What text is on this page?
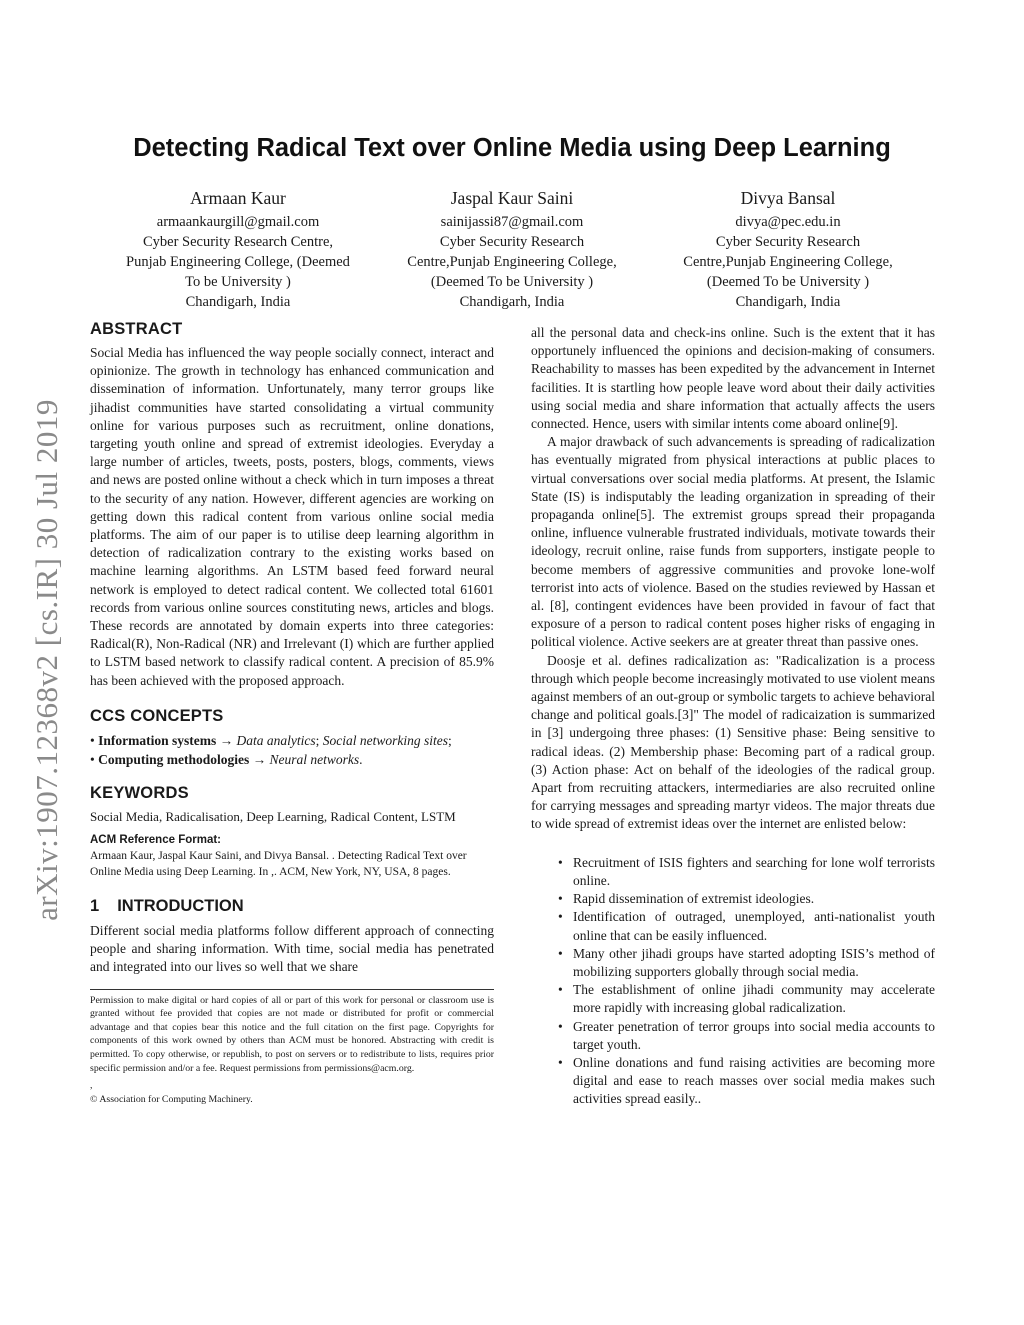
arXiv:1907.12368v2 [cs.IR] 30 Jul 2019
Detecting Radical Text over Online Media using Deep Learning
Armaan Kaur
armaankaurgill@gmail.com
Cyber Security Research Centre,
Punjab Engineering College, (Deemed
To be University )
Chandigarh, India
Jaspal Kaur Saini
sainijassi87@gmail.com
Cyber Security Research
Centre,Punjab Engineering College,
(Deemed To be University )
Chandigarh, India
Divya Bansal
divya@pec.edu.in
Cyber Security Research
Centre,Punjab Engineering College,
(Deemed To be University )
Chandigarh, India
ABSTRACT

Social Media has influenced the way people socially connect, interact and opinionize. The growth in technology has enhanced communication and dissemination of information. Unfortunately, many terror groups like jihadist communities have started consolidating a virtual community online for various purposes such as recruitment, online donations, targeting youth online and spread of extremist ideologies. Everyday a large number of articles, tweets, posts, posters, blogs, comments, views and news are posted online without a check which in turn imposes a threat to the security of any nation. However, different agencies are working on getting down this radical content from various online social media platforms. The aim of our paper is to utilise deep learning algorithm in detection of radicalization contrary to the existing works based on machine learning algorithms. An LSTM based feed forward neural network is employed to detect radical content. We collected total 61601 records from various online sources constituting news, articles and blogs. These records are annotated by domain experts into three categories: Radical(R), Non-Radical (NR) and Irrelevant (I) which are further applied to LSTM based network to classify radical content. A precision of 85.9% has been achieved with the proposed approach.

CCS CONCEPTS

• Information systems → Data analytics; Social networking sites;

• Computing methodologies → Neural networks.

KEYWORDS

Social Media, Radicalisation, Deep Learning, Radical Content, LSTM

ACM Reference Format:

Armaan Kaur, Jaspal Kaur Saini, and Divya Bansal. . Detecting Radical Text over Online Media using Deep Learning. In ,. ACM, New York, NY, USA, 8 pages.

1 INTRODUCTION

Different social media platforms follow different approach of connecting people and sharing information. With time, social media has penetrated and integrated into our lives so well that we share

Permission to make digital or hard copies of all or part of this work for personal or classroom use is granted without fee provided that copies are not made or distributed for profit or commercial advantage and that copies bear this notice and the full citation on the first page. Copyrights for components of this work owned by others than ACM must be honored. Abstracting with credit is permitted. To copy otherwise, or republish, to post on servers or to redistribute to lists, requires prior specific permission and/or a fee. Request permissions from permissions@acm.org.

,

© Association for Computing Machinery.

all the personal data and check-ins online. Such is the extent that it has opportunely influenced the opinions and decision-making of consumers. Reachability to masses has been expedited by the advancement in Internet facilities. It is startling how people leave word about their daily activities using social media and share information that actually affects the users connected. Hence, users with similar intents come aboard online[9].

A major drawback of such advancements is spreading of radicalization has eventually migrated from physical interactions at public places to virtual conversations over social media platforms. At present, the Islamic State (IS) is indisputably the leading organization in spreading of their propaganda online[5]. The extremist groups spread their propaganda online, influence vulnerable frustrated individuals, motivate towards their ideology, recruit online, raise funds from supporters, instigate people to become members of aggressive communities and provoke lone-wolf terrorist into acts of violence. Based on the studies reviewed by Hassan et al. [8], contingent evidences have been provided in favour of fact that exposure of a person to radical content poses higher risks of engaging in political violence. Active seekers are at greater threat than passive ones.

Doosje et al. defines radicalization as: "Radicalization is a process through which people become increasingly motivated to use violent means against members of an out-group or symbolic targets to achieve behavioral change and political goals.[3]" The model of radicaization is summarized in [3] undergoing three phases: (1) Sensitive phase: Being sensitive to radical ideas. (2) Membership phase: Becoming part of a radical group. (3) Action phase: Act on behalf of the ideologies of the radical group. Apart from recruiting attackers, intermediaries are also recruited online for carrying messages and spreading martyr videos. The major threats due to wide spread of extremist ideas over the internet are enlisted below:

• Recruitment of ISIS fighters and searching for lone wolf terrorists online.
• Rapid dissemination of extremist ideologies.
• Identification of outraged, unemployed, anti-nationalist youth online that can be easily influenced.
• Many other jihadi groups have started adopting ISIS’s method of mobilizing supporters globally through social media.
• The establishment of online jihadi community may accelerate more rapidly with increasing global radicalization.
• Greater penetration of terror groups into social media accounts to target youth.
• Online donations and fund raising activities are becoming more digital and ease to reach masses over social media makes such activities spread easily..
